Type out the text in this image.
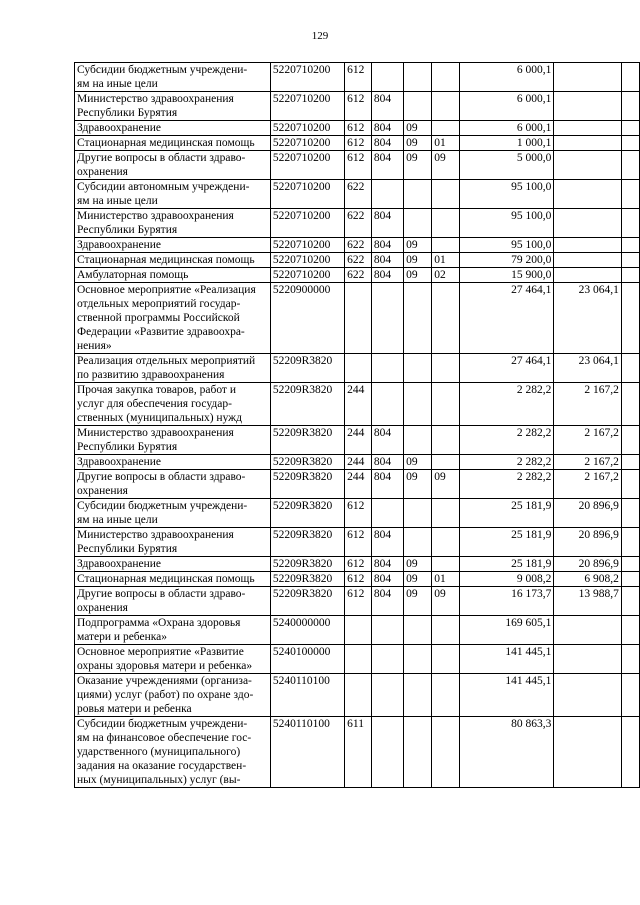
129
Субсидии бюджетным учреждени-
ям на иные цели	5220710200	612				6 000,1		
Министерство здравоохранения
Республики Бурятия	5220710200	612	804			6 000,1		
Здравоохранение	5220710200	612	804	09		6 000,1		
Стационарная медицинская помощь	5220710200	612	804	09	01	1 000,1		
Другие вопросы в области здраво-
охранения	5220710200	612	804	09	09	5 000,0		
Субсидии автономным учреждени-
ям на иные цели	5220710200	622				95 100,0		
Министерство здравоохранения
Республики Бурятия	5220710200	622	804			95 100,0		
Здравоохранение	5220710200	622	804	09		95 100,0		
Стационарная медицинская помощь	5220710200	622	804	09	01	79 200,0		
Амбулаторная помощь	5220710200	622	804	09	02	15 900,0		
Основное мероприятие «Реализация
отдельных мероприятий государ-
ственной программы Российской
Федерации «Развитие здравоохра-
нения»	5220900000					27 464,1	23 064,1	
Реализация отдельных мероприятий
по развитию здравоохранения	52209R3820					27 464,1	23 064,1	
Прочая закупка товаров, работ и
услуг для обеспечения государ-
ственных (муниципальных) нужд	52209R3820	244				2 282,2	2 167,2	
Министерство здравоохранения
Республики Бурятия	52209R3820	244	804			2 282,2	2 167,2	
Здравоохранение	52209R3820	244	804	09		2 282,2	2 167,2	
Другие вопросы в области здраво-
охранения	52209R3820	244	804	09	09	2 282,2	2 167,2	
Субсидии бюджетным учреждени-
ям на иные цели	52209R3820	612				25 181,9	20 896,9	
Министерство здравоохранения
Республики Бурятия	52209R3820	612	804			25 181,9	20 896,9	
Здравоохранение	52209R3820	612	804	09		25 181,9	20 896,9	
Стационарная медицинская помощь	52209R3820	612	804	09	01	9 008,2	6 908,2	
Другие вопросы в области здраво-
охранения	52209R3820	612	804	09	09	16 173,7	13 988,7	
Подпрограмма «Охрана здоровья
матери и ребенка»	5240000000					169 605,1		
Основное мероприятие «Развитие
охраны здоровья матери и ребенка»	5240100000					141 445,1		
Оказание учреждениями (организа-
циями) услуг (работ) по охране здо-
ровья матери и ребенка	5240110100					141 445,1		
Субсидии бюджетным учреждени-
ям на финансовое обеспечение гос-
ударственного (муниципального)
задания на оказание государствен-
ных (муниципальных) услуг (вы-	5240110100	611				80 863,3		
